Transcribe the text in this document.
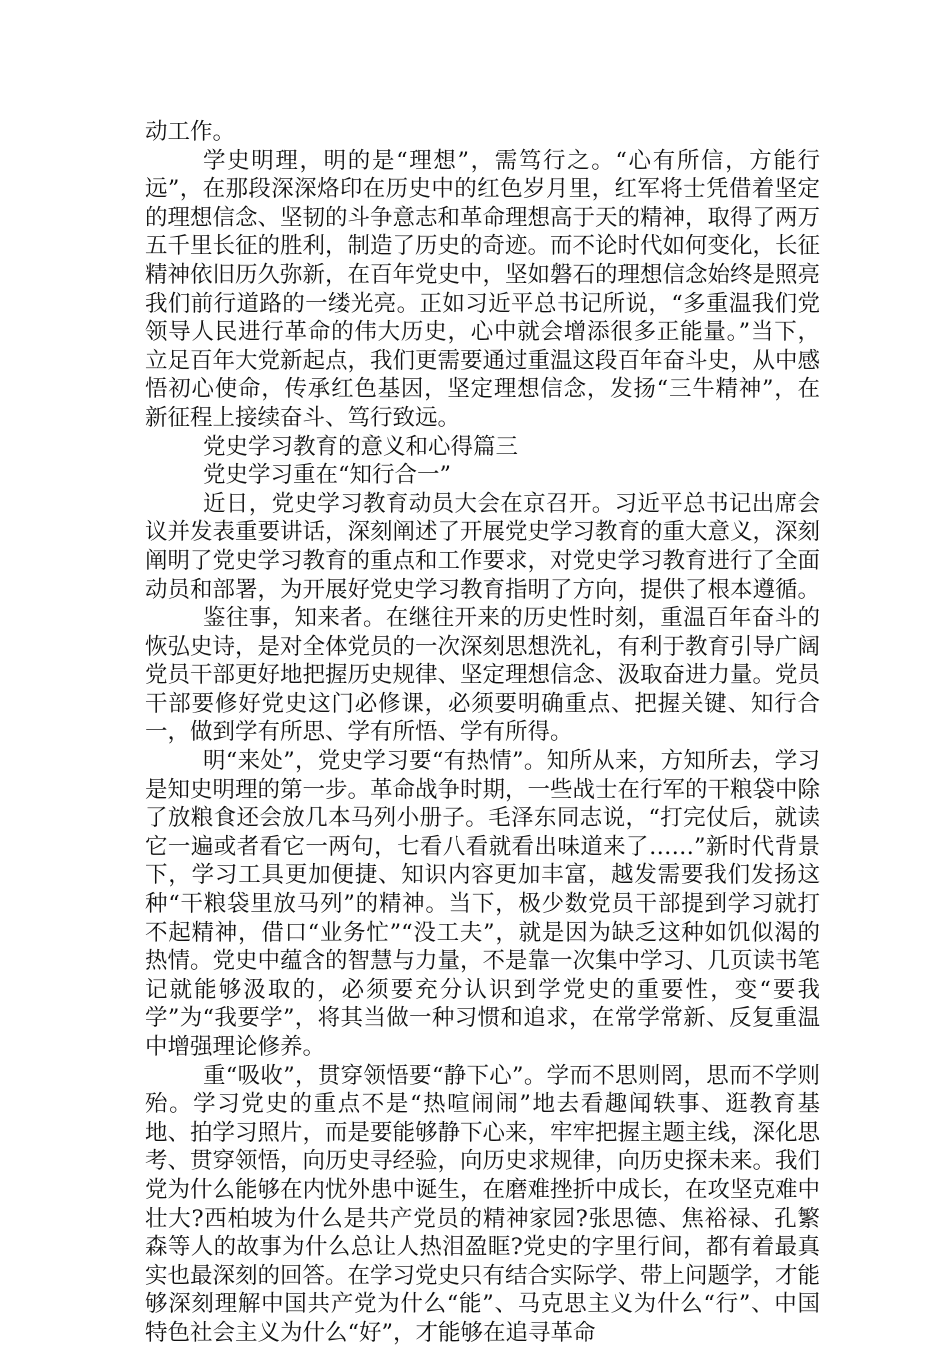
动工作。

学史明理，明的是“理想”，需笃行之。“心有所信，方能行远”，在那段深深烙印在历史中的红色岁月里，红军将士凭借着坚定的理想信念、坚韧的斗争意志和革命理想高于天的精神，取得了两万五千里长征的胜利，制造了历史的奇迹。而不论时代如何变化，长征精神依旧历久弥新，在百年党史中，坚如磐石的理想信念始终是照亮我们前行道路的一缕光亮。正如习近平总书记所说，“多重温我们党领导人民进行革命的伟大历史，心中就会增添很多正能量。”当下，立足百年大党新起点，我们更需要通过重温这段百年奋斗史，从中感悟初心使命，传承红色基因，坚定理想信念，发扬“三牛精神”，在新征程上接续奋斗、笃行致远。

党史学习教育的意义和心得篇三

党史学习重在“知行合一”

近日，党史学习教育动员大会在京召开。习近平总书记出席会议并发表重要讲话，深刻阐述了开展党史学习教育的重大意义，深刻阐明了党史学习教育的重点和工作要求，对党史学习教育进行了全面动员和部署，为开展好党史学习教育指明了方向，提供了根本遵循。

鉴往事，知来者。在继往开来的历史性时刻，重温百年奋斗的恢弘史诗，是对全体党员的一次深刻思想洗礼，有利于教育引导广阔党员干部更好地把握历史规律、坚定理想信念、汲取奋进力量。党员干部要修好党史这门必修课，必须要明确重点、把握关键、知行合一，做到学有所思、学有所悟、学有所得。

明“来处”，党史学习要“有热情”。知所从来，方知所去，学习是知史明理的第一步。革命战争时期，一些战士在行军的干粮袋中除了放粮食还会放几本马列小册子。毛泽东同志说，“打完仗后，就读它一遍或者看它一两句，七看八看就看出味道来了……”新时代背景下，学习工具更加便捷、知识内容更加丰富，越发需要我们发扬这种“干粮袋里放马列”的精神。当下，极少数党员干部提到学习就打不起精神，借口“业务忙”“没工夫”，就是因为缺乏这种如饥似渴的热情。党史中蕴含的智慧与力量，不是靠一次集中学习、几页读书笔记就能够汲取的，必须要充分认识到学党史的重要性，变“要我学”为“我要学”，将其当做一种习惯和追求，在常学常新、反复重温中增强理论修养。

重“吸收”，贯穿领悟要“静下心”。学而不思则罔，思而不学则殆。学习党史的重点不是“热喧闹闹”地去看趣闻轶事、逛教育基地、拍学习照片，而是要能够静下心来，牢牢把握主题主线，深化思考、贯穿领悟，向历史寻经验，向历史求规律，向历史探未来。我们党为什么能够在内忧外患中诞生，在磨难挫折中成长，在攻坚克难中壮大?西柏坡为什么是共产党员的精神家园?张思德、焦裕禄、孔繁森等人的故事为什么总让人热泪盈眶?党史的字里行间，都有着最真实也最深刻的回答。在学习党史只有结合实际学、带上问题学，才能够深刻理解中国共产党为什么“能”、马克思主义为什么“行”、中国特色社会主义为什么“好”，才能够在追寻革命
